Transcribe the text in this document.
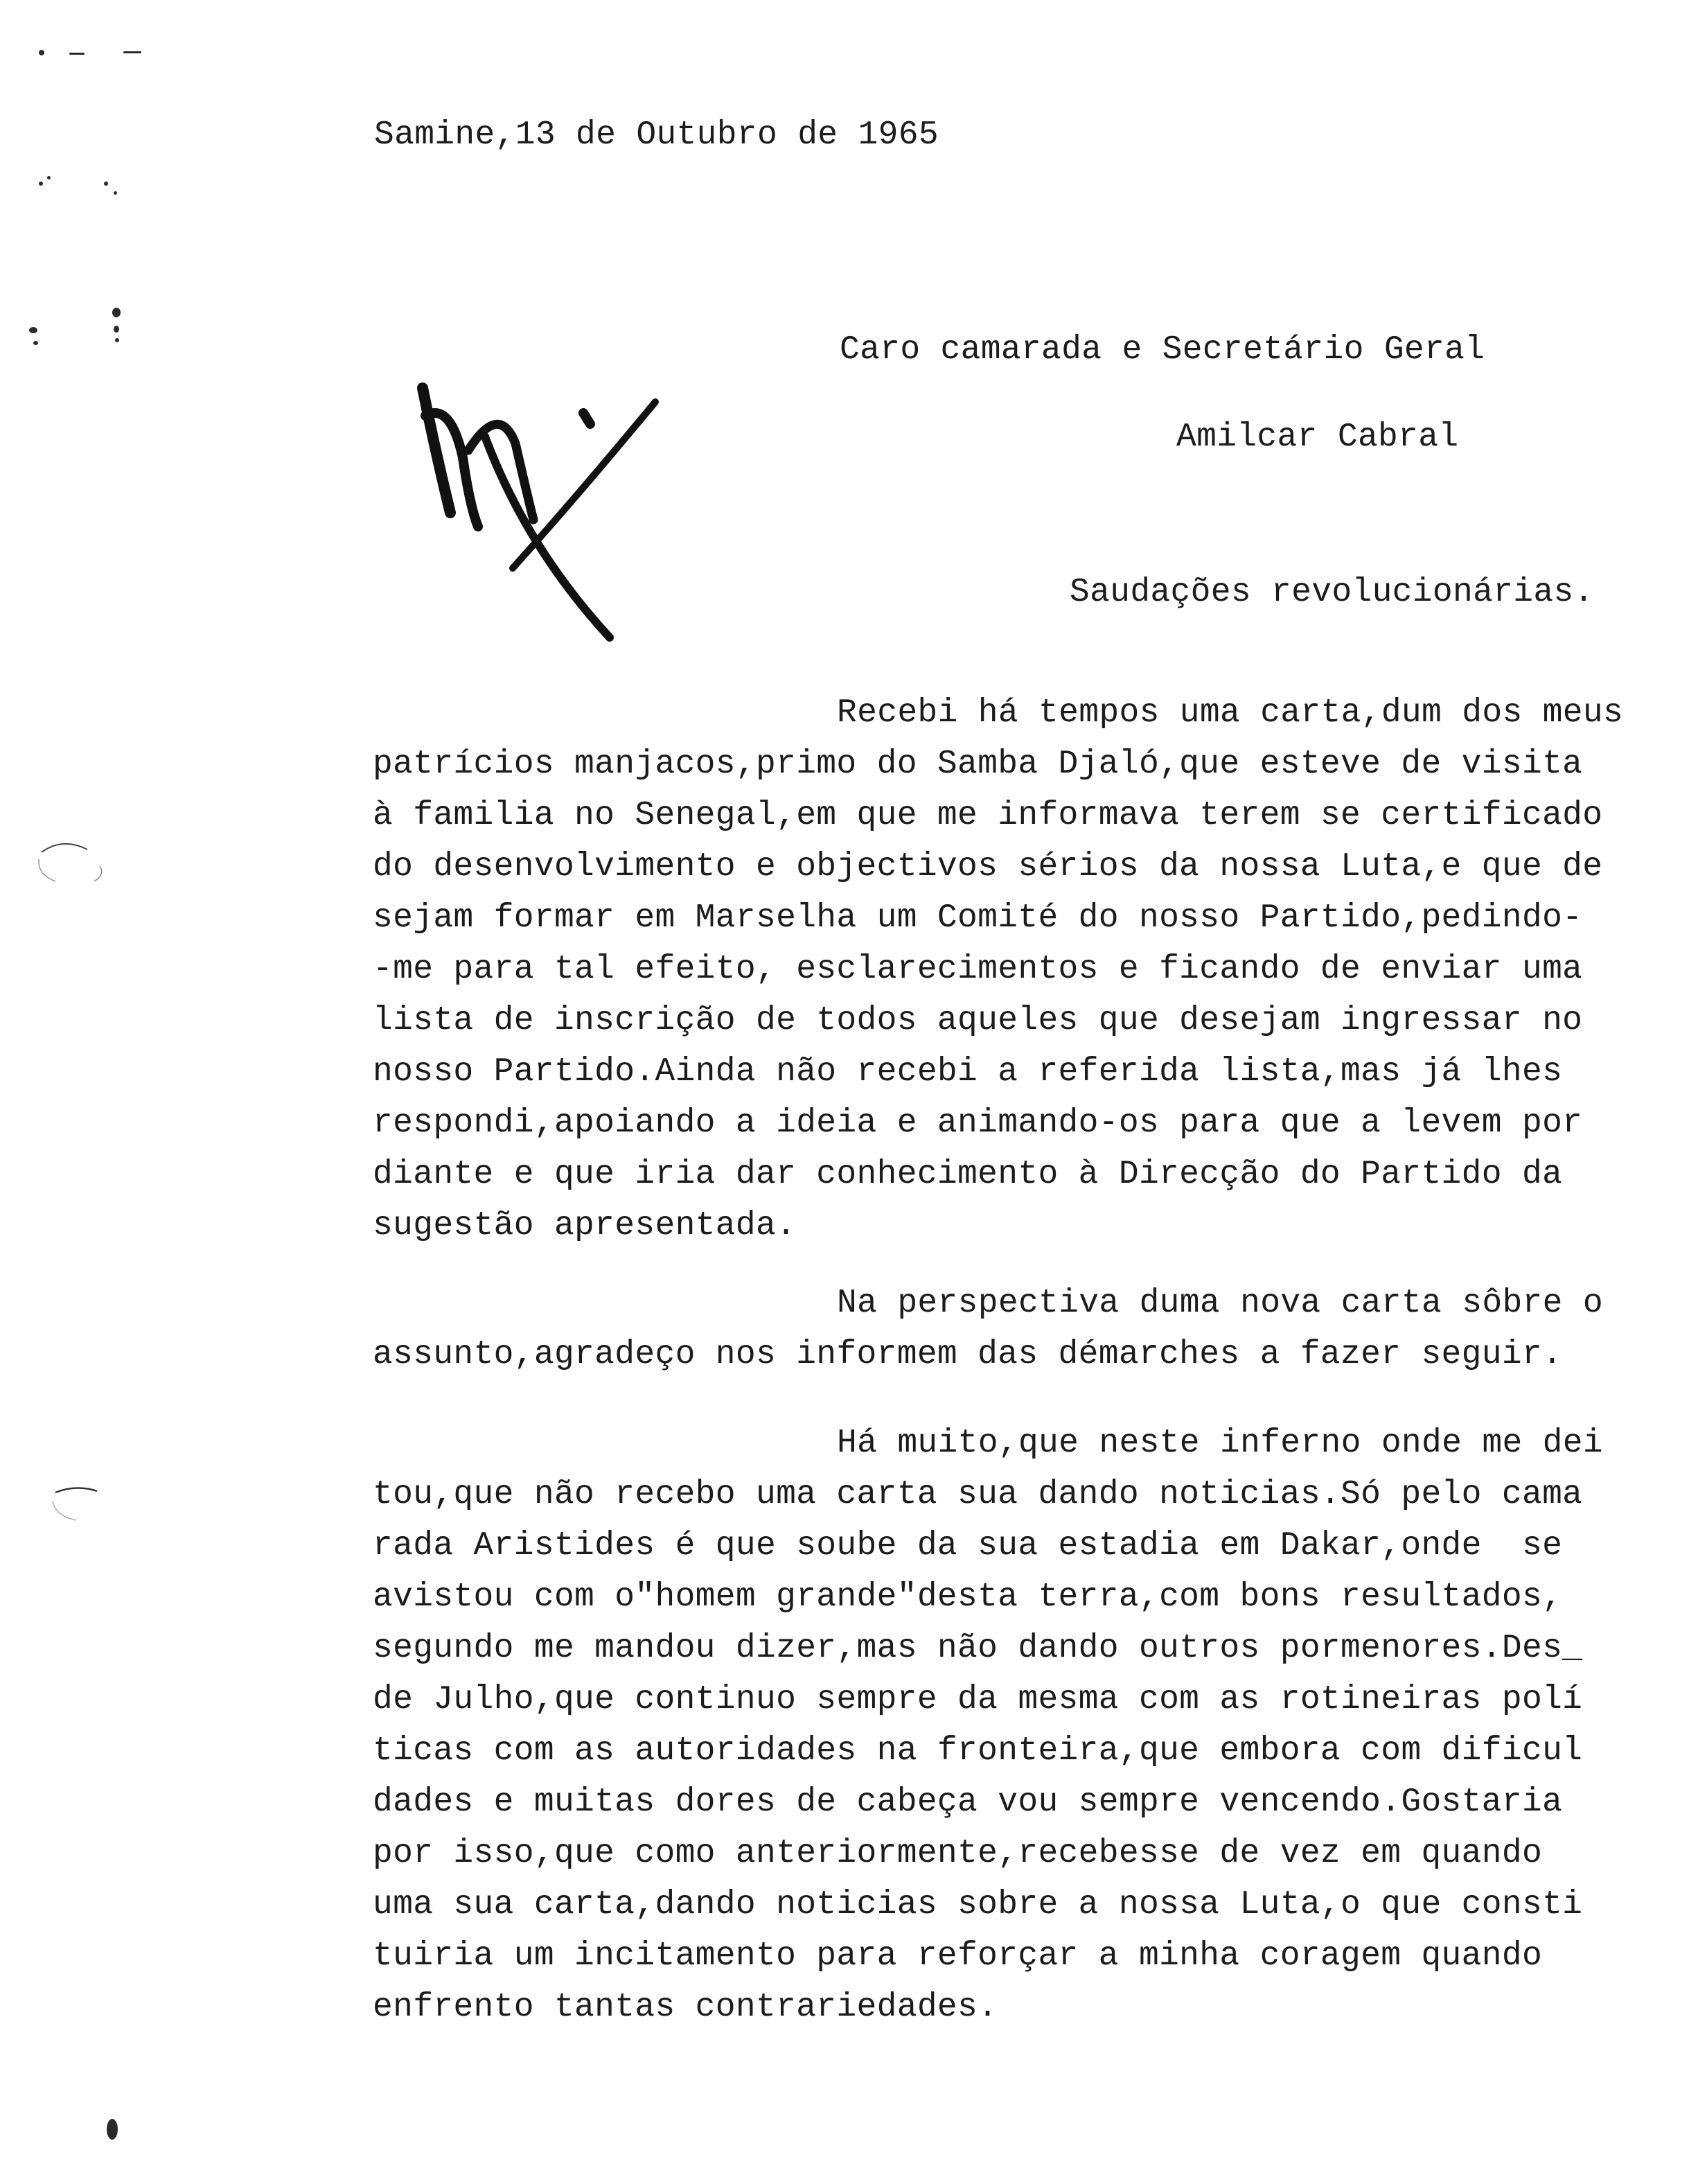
Samine,13 de Outubro de 1965
Caro camarada e Secretário Geral
Amilcar Cabral
Saudações revolucionárias.
Recebi há tempos uma carta,dum dos meus
patrícios manjacos,primo do Samba Djaló,que esteve de visita
à familia no Senegal,em que me informava terem se certificado
do desenvolvimento e objectivos sérios da nossa Luta,e que de
sejam formar em Marselha um Comité do nosso Partido,pedindo-
-me para tal efeito, esclarecimentos e ficando de enviar uma
lista de inscrição de todos aqueles que desejam ingressar no
nosso Partido.Ainda não recebi a referida lista,mas já lhes
respondi,apoiando a ideia e animando-os para que a levem por
diante e que iria dar conhecimento à Direcção do Partido da
sugestão apresentada.
Na perspectiva duma nova carta sôbre o
assunto,agradeço nos informem das démarches a fazer seguir.
Há muito,que neste inferno onde me dei
tou,que não recebo uma carta sua dando noticias.Só pelo cama
rada Aristides é que soube da sua estadia em Dakar,onde  se
avistou com o"homem grande"desta terra,com bons resultados,
segundo me mandou dizer,mas não dando outros pormenores.Des_
de Julho,que continuo sempre da mesma com as rotineiras polí
ticas com as autoridades na fronteira,que embora com dificul
dades e muitas dores de cabeça vou sempre vencendo.Gostaria
por isso,que como anteriormente,recebesse de vez em quando
uma sua carta,dando noticias sobre a nossa Luta,o que consti
tuiria um incitamento para reforçar a minha coragem quando
enfrento tantas contrariedades.
